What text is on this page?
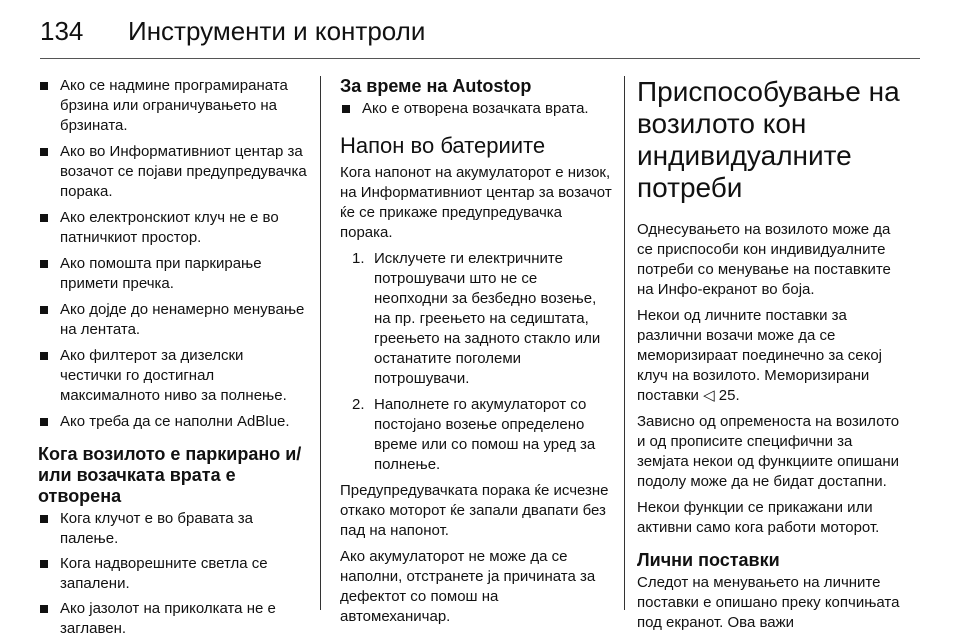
134 Инструменти и контроли
Ако се надмине програмираната брзина или ограничувањето на брзината.
Ако во Информативниот центар за возачот се појави предупредувачка порака.
Ако електронскиот клуч не е во патничкиот простор.
Ако помошта при паркирање примети пречка.
Ако дојде до ненамерно менување на лентата.
Ако филтерот за дизелски честички го достигнал максималното ниво за полнење.
Ако треба да се наполни AdBlue.
Кога возилото е паркирано и/или возачката врата е отворена
Кога клучот е во бравата за палење.
Кога надворешните светла се запалени.
Ако јазолот на приколката не е заглавен.
За време на Autostop
Ако е отворена возачката врата.
Напон во батериите

Кога напонот на акумулаторот е низок, на Информативниот центар за возачот ќе се прикаже предупредувачка порака.

1. Исклучете ги електричните потрошувачи што не се неопходни за безбедно возење, на пр. греењето на седиштата, греењето на задното стакло или останатите поголеми потрошувачи.
2. Наполнете го акумулаторот со постојано возење определено време или со помош на уред за полнење.

Предупредувачката порака ќе исчезне откако моторот ќе запали двапати без пад на напонот.

Ако акумулаторот не може да се наполни, отстранете ја причината за дефектот со помош на автомеханичар.

Приспособување на возилото кон индивидуалните потреби

Однесувањето на возилото може да се приспособи кон индивидуалните потреби со менување на поставките на Инфо-екранот во боја.

Некои од личните поставки за различни возачи може да се меморизираат поединечно за секој клуч на возилото. Меморизирани поставки ◁ 25.

Зависно од опременоста на возилото и од прописите специфични за земјата некои од функциите опишани подолу може да не бидат достапни.

Некои функции се прикажани или активни само кога работи моторот.

Лични поставки

Следот на менувањето на личните поставки е опишано преку копчињата под екранот. Ова важи
